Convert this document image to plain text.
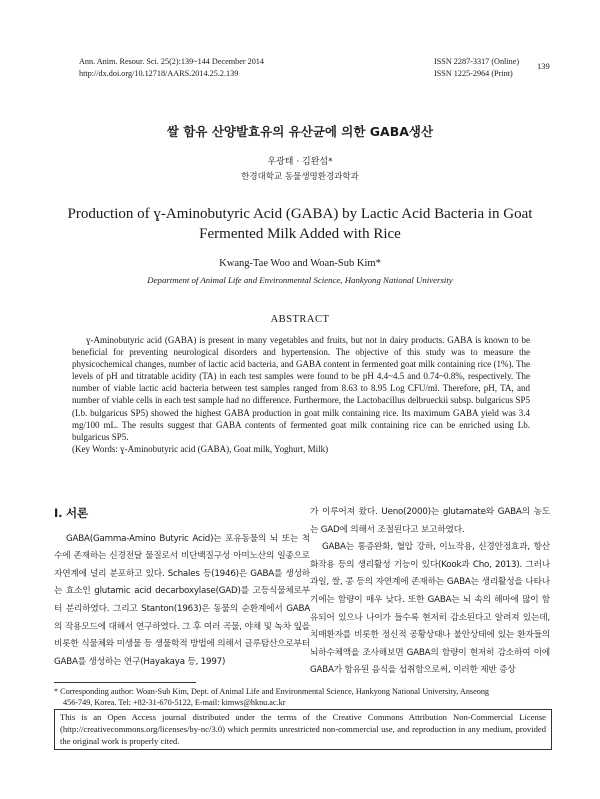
Ann. Anim. Resour. Sci. 25(2):139~144 December 2014
http://dx.doi.org/10.12718/AARS.2014.25.2.139
ISSN 2287-3317 (Online)
ISSN 1225-2964 (Print)
139
쌀 함유 산양발효유의 유산균에 의한 GABA생산
우광태 · 김완섭*
한경대학교 동물생명환경과학과
Production of ɣ-Aminobutyric Acid (GABA) by Lactic Acid Bacteria in Goat
Fermented Milk Added with Rice
Kwang-Tae Woo and Woan-Sub Kim*
Department of Animal Life and Environmental Science, Hankyong National University
ABSTRACT

ɣ-Aminobutyric acid (GABA) is present in many vegetables and fruits, but not in dairy products. GABA is known to be beneficial for preventing neurological disorders and hypertension. The objective of this study was to measure the physicochemical changes, number of lactic acid bacteria, and GABA content in fermented goat milk containing rice (1%). The levels of pH and titratable acidity (TA) in each test samples were found to be pH 4.4~4.5 and 0.74~0.8%, respectively. The number of viable lactic acid bacteria between test samples ranged from 8.63 to 8.95 Log CFU/ml. Therefore, pH, TA, and number of viable cells in each test sample had no difference. Furthermore, the Lactobacillus delbrueckii subsp. bulgaricus SP5 (Lb. bulgaricus SP5) showed the highest GABA production in goat milk containing rice. Its maximum GABA yield was 3.4 mg/100 mL. The results suggest that GABA contents of fermented goat milk containing rice can be enriched using Lb. bulgaricus SP5.

(Key Words: ɣ-Aminobutyric acid (GABA), Goat milk, Yoghurt, Milk)

Ⅰ. 서론

GABA(Gamma-Amino Butyric Acid)는 포유동물의 뇌 또는 척수에 존재하는 신경전달 물질로서 비단백질구성 아미노산의 일종으로 자연계에 널리 분포하고 있다. Schales 등(1946)은 GABA를 생성하는 효소인 glutamic acid decarboxylase(GAD)를 고등식물체로부터 분리하였다. 그리고 Stanton(1963)은 동물의 순환계에서 GABA의 작용모드에 대해서 연구하였다. 그 후 여러 곡물, 야채 및 녹차 잎을 비롯한 식물체와 미생물 등 생물학적 방법에 의해서 글루탐산으로부터 GABA를 생성하는 연구(Hayakaya 등, 1997)

가 이루어져 왔다. Ueno(2000)는 glutamate와 GABA의 농도는 GAD에 의해서 조절된다고 보고하였다.

GABA는 통증완화, 혈압 강하, 이뇨작용, 신경안정효과, 항산화작용 등의 생리활성 기능이 있다(Kook과 Cho, 2013). 그러나 과일, 쌀, 콩 등의 자연계에 존재하는 GABA는 생리활성을 나타나기에는 함량이 매우 낮다. 또한 GABA는 뇌 속의 해마에 많이 함유되어 있으나 나이가 들수록 현저히 감소된다고 알려져 있는데, 치매환자를 비롯한 정신적 공황상태나 불안상태에 있는 환자들의 뇌하수체액을 조사해보면 GABA의 함량이 현저히 감소하여 이에 GABA가 함유된 음식을 섭취함으로써, 이러한 제반 증상

* Corresponding author: Woan-Sub Kim, Dept. of Animal Life and Environmental Science, Hankyong National University, Anseong
456-749, Korea. Tel: +82-31-670-5122, E-mail: kimws@hknu.ac.kr
This is an Open Access journal distributed under the terms of the Creative Commons Attribution Non-Commercial License (http://creativecommons.org/licenses/by-nc/3.0) which permits unrestricted non-commercial use, and reproduction in any medium, provided the original work is properly cited.
